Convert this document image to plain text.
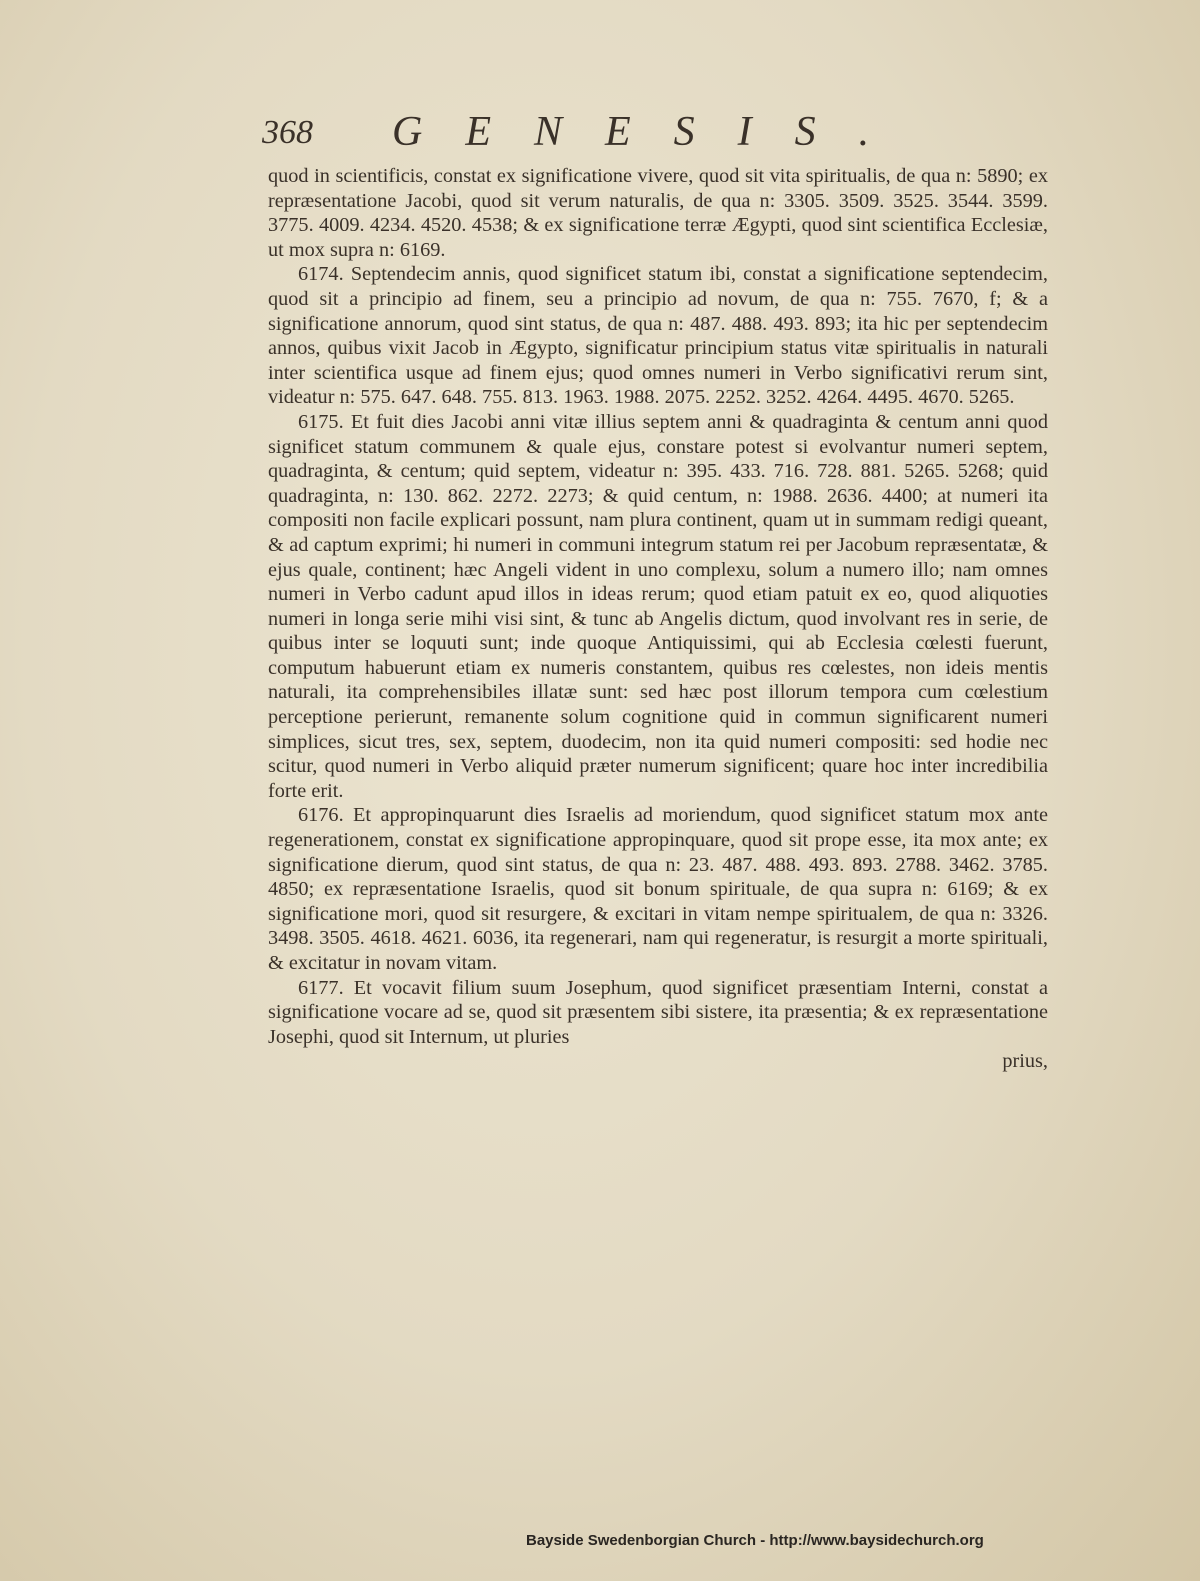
368 GENESIS.

quod in scientificis, constat ex significatione vivere, quod sit vita spiritualis, de qua n: 5890; ex repræsentatione Jacobi, quod sit verum naturalis, de qua n: 3305. 3509. 3525. 3544. 3599. 3775. 4009. 4234. 4520. 4538; & ex significatione terræ Ægypti, quod sint scientifica Ecclesiæ, ut mox supra n: 6169.

6174. Septendecim annis, quod significet statum ibi, constat a significatione septendecim, quod sit a principio ad finem, seu a principio ad novum, de qua n: 755. 7670, f; & a significatione annorum, quod sint status, de qua n: 487. 488. 493. 893; ita hic per septendecim annos, quibus vixit Jacob in Ægypto, significatur principium status vitæ spiritualis in naturali inter scientifica usque ad finem ejus; quod omnes numeri in Verbo significativi rerum sint, videatur n: 575. 647. 648. 755. 813. 1963. 1988. 2075. 2252. 3252. 4264. 4495. 4670. 5265.

6175. Et fuit dies Jacobi anni vitæ illius septem anni & quadraginta & centum anni quod significet statum communem & quale ejus, constare potest si evolvantur numeri septem, quadraginta, & centum; quid septem, videatur n: 395. 433. 716. 728. 881. 5265. 5268; quid quadraginta, n: 130. 862. 2272. 2273; & quid centum, n: 1988. 2636. 4400; at numeri ita compositi non facile explicari possunt, nam plura continent, quam ut in summam redigi queant, & ad captum exprimi; hi numeri in communi integrum statum rei per Jacobum repræsentatæ, & ejus quale, continent; hæc Angeli vident in uno complexu, solum a numero illo; nam omnes numeri in Verbo cadunt apud illos in ideas rerum; quod etiam patuit ex eo, quod aliquoties numeri in longa serie mihi visi sint, & tunc ab Angelis dictum, quod involvant res in serie, de quibus inter se loquuti sunt; inde quoque Antiquissimi, qui ab Ecclesia cœlesti fuerunt, computum habuerunt etiam ex numeris constantem, quibus res cœlestes, non ideis mentis naturali, ita comprehensibiles illatæ sunt: sed hæc post illorum tempora cum cœlestium perceptione perierunt, remanente solum cognitione quid in commun significarent numeri simplices, sicut tres, sex, septem, duodecim, non ita quid numeri compositi: sed hodie nec scitur, quod numeri in Verbo aliquid præter numerum significent; quare hoc inter incredibilia forte erit.

6176. Et appropinquarunt dies Israelis ad moriendum, quod significet statum mox ante regenerationem, constat ex significatione appropinquare, quod sit prope esse, ita mox ante; ex significatione dierum, quod sint status, de qua n: 23. 487. 488. 493. 893. 2788. 3462. 3785. 4850; ex repræsentatione Israelis, quod sit bonum spirituale, de qua supra n: 6169; & ex significatione mori, quod sit resurgere, & excitari in vitam nempe spiritualem, de qua n: 3326. 3498. 3505. 4618. 4621. 6036, ita regenerari, nam qui regeneratur, is resurgit a morte spirituali, & excitatur in novam vitam.

6177. Et vocavit filium suum Josephum, quod significet præsentiam Interni, constat a significatione vocare ad se, quod sit præsentem sibi sistere, ita præsentia; & ex repræsentatione Josephi, quod sit Internum, ut pluries

prius,

Bayside Swedenborgian Church - http://www.baysidechurch.org
